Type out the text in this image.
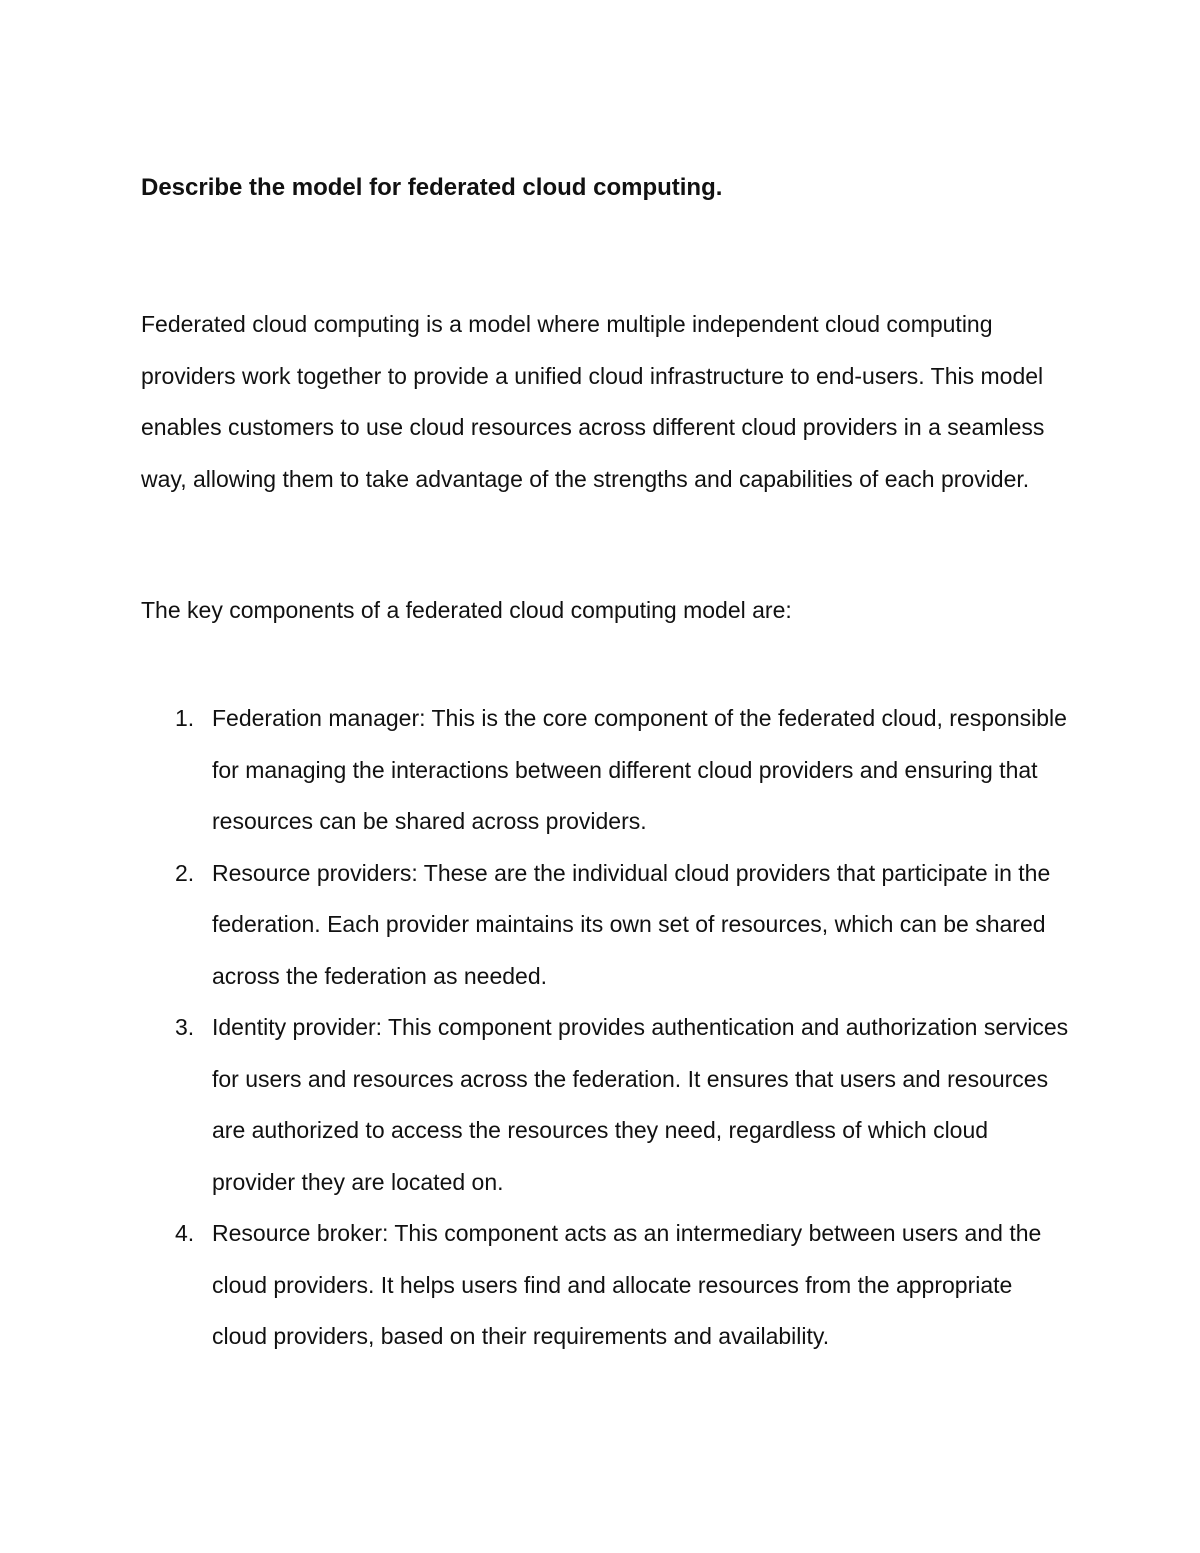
Describe the model for federated cloud computing.

Federated cloud computing is a model where multiple independent cloud computing providers work together to provide a unified cloud infrastructure to end-users. This model enables customers to use cloud resources across different cloud providers in a seamless way, allowing them to take advantage of the strengths and capabilities of each provider.

The key components of a federated cloud computing model are:

1. Federation manager: This is the core component of the federated cloud, responsible for managing the interactions between different cloud providers and ensuring that resources can be shared across providers.
2. Resource providers: These are the individual cloud providers that participate in the federation. Each provider maintains its own set of resources, which can be shared across the federation as needed.
3. Identity provider: This component provides authentication and authorization services for users and resources across the federation. It ensures that users and resources are authorized to access the resources they need, regardless of which cloud provider they are located on.
4. Resource broker: This component acts as an intermediary between users and the cloud providers. It helps users find and allocate resources from the appropriate cloud providers, based on their requirements and availability.
